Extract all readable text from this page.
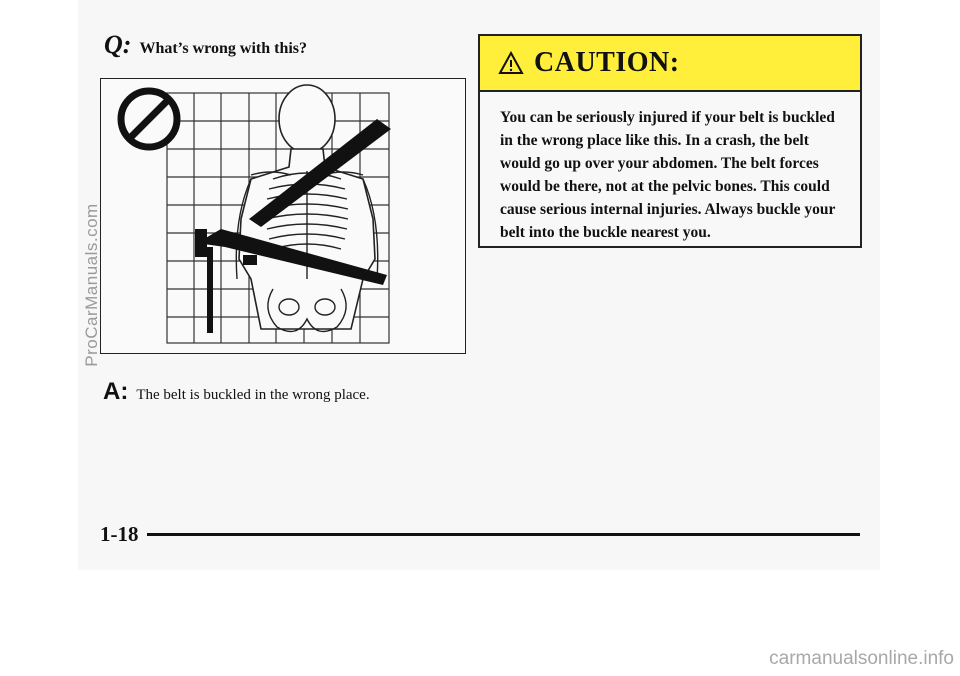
Q: What’s wrong with this?
A: The belt is buckled in the wrong place.
CAUTION:
You can be seriously injured if your belt is buckled in the wrong place like this. In a crash, the belt would go up over your abdomen. The belt forces would be there, not at the pelvic bones. This could cause serious internal injuries. Always buckle your belt into the buckle nearest you.
1-18
ProCarManuals.com
carmanualsonline.info
